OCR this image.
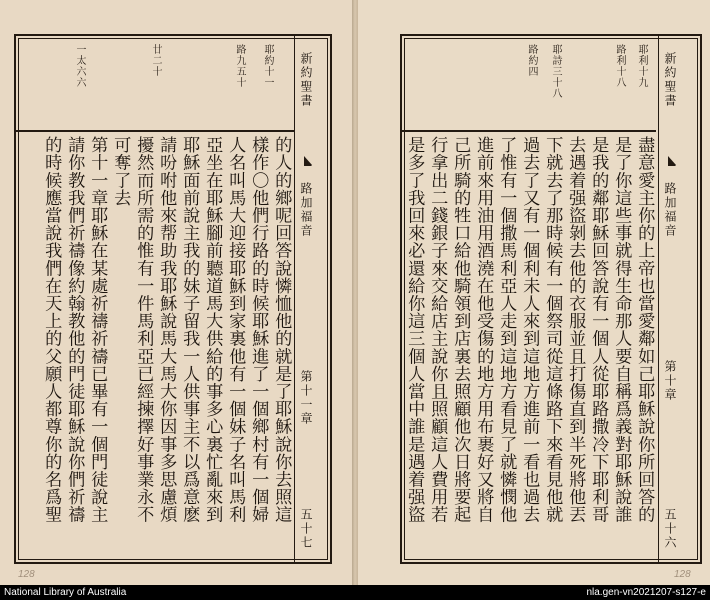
耶約十一
路九五十
廿二十
一太六六
的人的鄉呢回答說憐恤他的就是了耶穌說你去照這
樣作〇他們行路的時候耶穌進了一個鄉村有一個婦
人名叫馬大迎接耶穌到家裏他有一個妹子名叫馬利
亞坐在耶穌腳前聽道馬大供給的事多心裏忙亂來到
耶穌面前說主我的妹子留我一人供事主不以爲意麽
請吩咐他來帮助我耶穌說馬大馬大你因事多思慮煩
擾然而所需的惟有一件馬利亞已經揀擇好事業永不
可奪了去
第十一章耶穌在某處祈禱祈禱已畢有一個門徒說主
請你教我們祈禱像約翰教他的門徒耶穌說你們祈禱
的時候應當說我們在天上的父願人都尊你的名爲聖
新約聖書
路加福音
第十一章
五十七
128
耶利十九
路利十八
耶詩三十八
路約四
盡意愛主你的上帝也當愛鄰如己耶穌說你所回答的
是了你這些事就得生命那人要自稱爲義對耶穌說誰
是我的鄰耶穌回答說有一個人從耶路撒冷下耶利哥
去遇着强盜剝去他的衣服並且打傷直到半死將他丟
下就去了那時候有一個祭司從這條路下來看見他就
過去了又有一個利未人來到這地方進前一看也過去
了惟有一個撒馬利亞人走到這地方看見了就憐憫他
進前來用油用酒澆在他受傷的地方用布裹好又將自
己所騎的牲口給他騎領到店裏去照顧他次日將要起
行拿出二錢銀子來交給店主說你且照顧這人費用若
是多了我回來必還給你這三個人當中誰是遇着强盜
新約聖書
路加福音
第十章
五十六
128
National Library of Australia	nla.gen-vn2021207-s127-e
